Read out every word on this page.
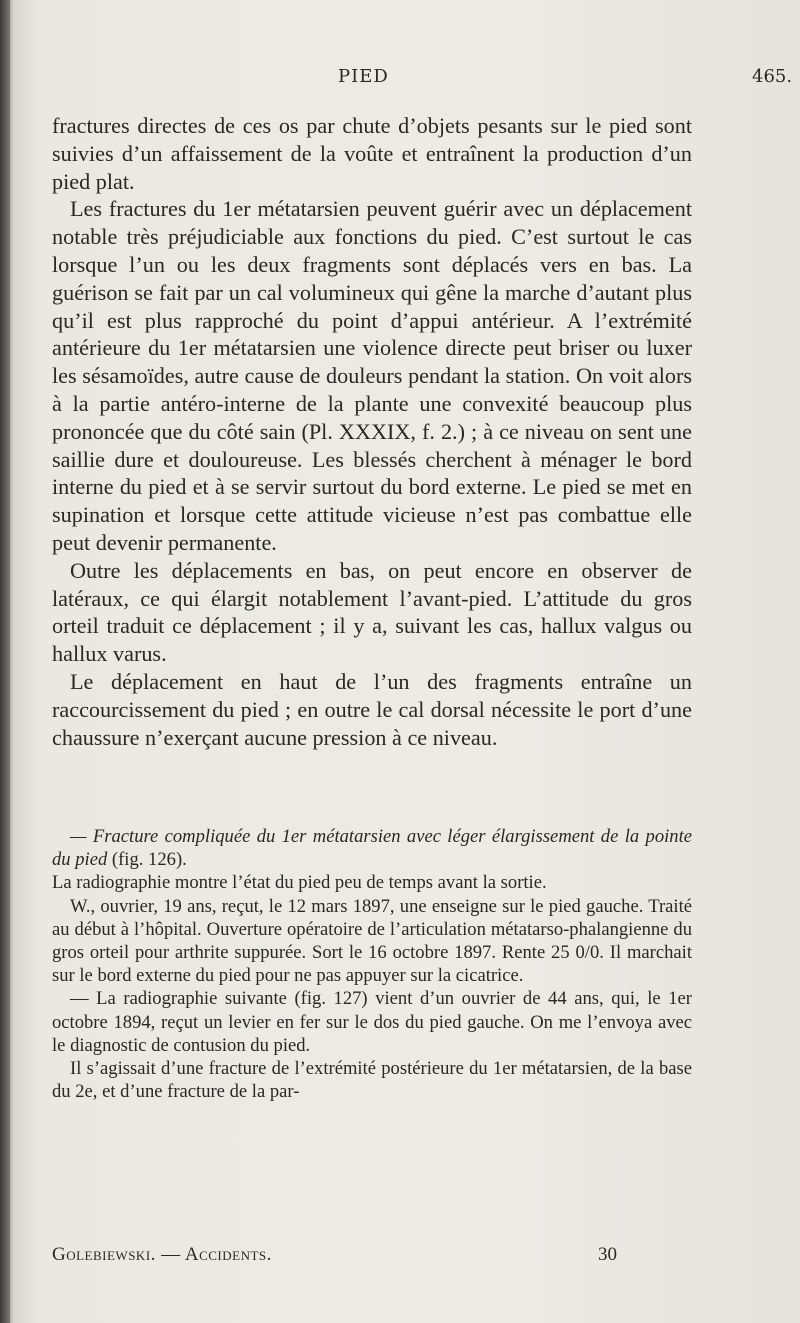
PIED	465.

fractures directes de ces os par chute d’objets pesants sur le pied sont suivies d’un affaissement de la voûte et entraînent la production d’un pied plat.

Les fractures du 1er métatarsien peuvent guérir avec un déplacement notable très préjudiciable aux fonctions du pied. C’est surtout le cas lorsque l’un ou les deux fragments sont déplacés vers en bas. La guérison se fait par un cal volumineux qui gêne la marche d’autant plus qu’il est plus rapproché du point d’appui antérieur. A l’extrémité antérieure du 1er métatarsien une violence directe peut briser ou luxer les sésamoïdes, autre cause de douleurs pendant la station. On voit alors à la partie antéro-interne de la plante une convexité beaucoup plus prononcée que du côté sain (Pl. XXXIX, f. 2.) ; à ce niveau on sent une saillie dure et douloureuse. Les blessés cherchent à ménager le bord interne du pied et à se servir surtout du bord externe. Le pied se met en supination et lorsque cette attitude vicieuse n’est pas combattue elle peut devenir permanente.

Outre les déplacements en bas, on peut encore en observer de latéraux, ce qui élargit notablement l’avant-pied. L’attitude du gros orteil traduit ce déplacement ; il y a, suivant les cas, hallux valgus ou hallux varus.

Le déplacement en haut de l’un des fragments entraîne un raccourcissement du pied ; en outre le cal dorsal nécessite le port d’une chaussure n’exerçant aucune pression à ce niveau.

— Fracture compliquée du 1er métatarsien avec léger élargissement de la pointe du pied (fig. 126).

La radiographie montre l’état du pied peu de temps avant la sortie.

W., ouvrier, 19 ans, reçut, le 12 mars 1897, une enseigne sur le pied gauche. Traité au début à l’hôpital. Ouverture opératoire de l’articulation métatarso-phalangienne du gros orteil pour arthrite suppurée. Sort le 16 octobre 1897. Rente 25 0/0. Il marchait sur le bord externe du pied pour ne pas appuyer sur la cicatrice.

— La radiographie suivante (fig. 127) vient d’un ouvrier de 44 ans, qui, le 1er octobre 1894, reçut un levier en fer sur le dos du pied gauche. On me l’envoya avec le diagnostic de contusion du pied.

Il s’agissait d’une fracture de l’extrémité postérieure du 1er métatarsien, de la base du 2e, et d’une fracture de la par-

Golebiewski. — Accidents.	30
